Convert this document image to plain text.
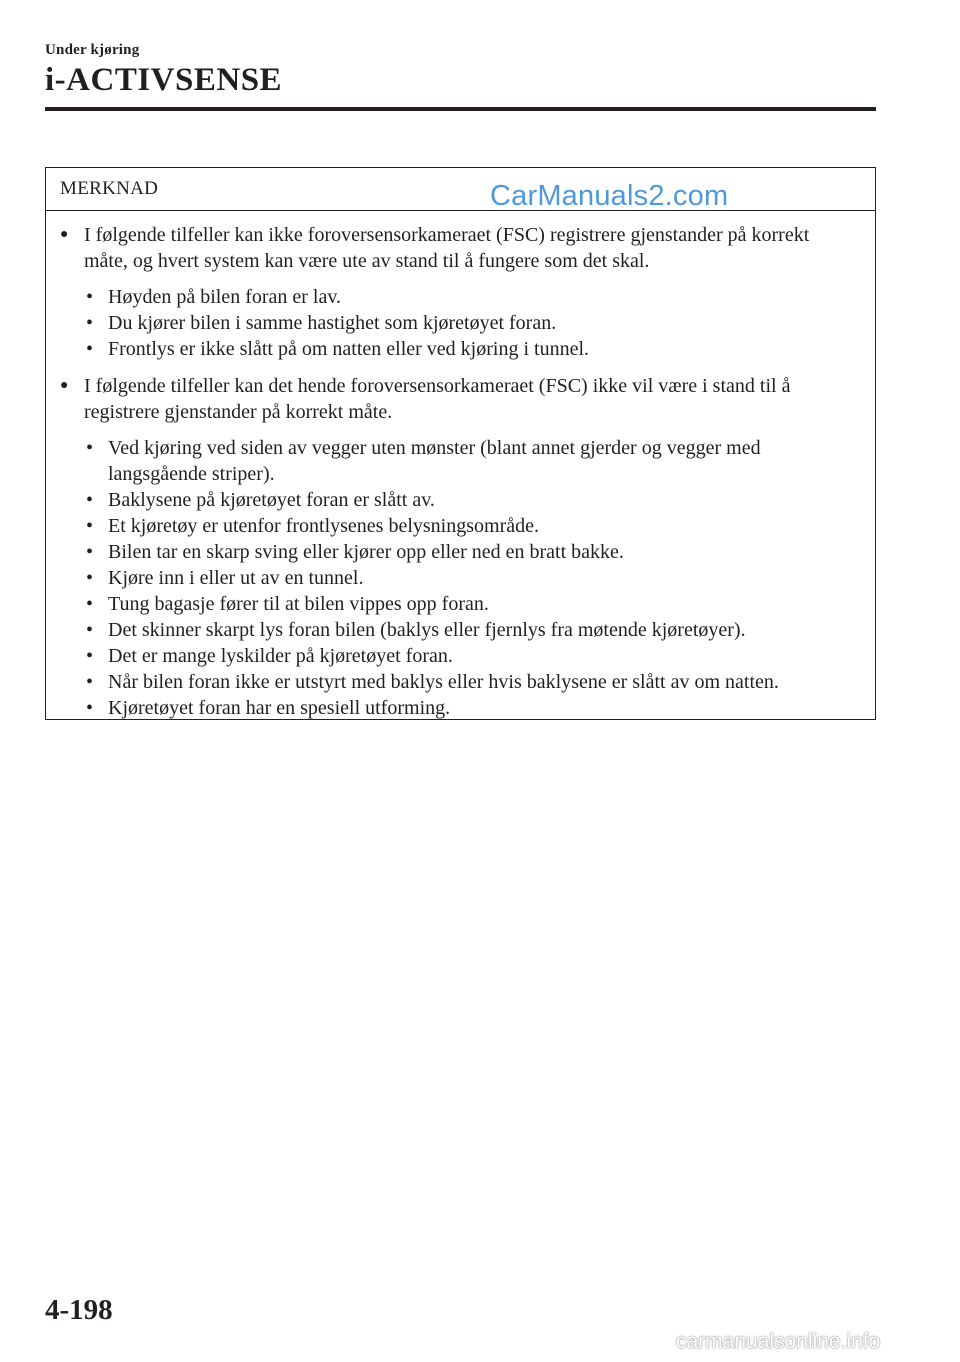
Under kjøring
i-ACTIVSENSE
MERKNAD	CarManuals2.com

● I følgende tilfeller kan ikke foroversensorkameraet (FSC) registrere gjenstander på korrekt måte, og hvert system kan være ute av stand til å fungere som det skal.
• Høyden på bilen foran er lav.
• Du kjører bilen i samme hastighet som kjøretøyet foran.
• Frontlys er ikke slått på om natten eller ved kjøring i tunnel.
● I følgende tilfeller kan det hende foroversensorkameraet (FSC) ikke vil være i stand til å registrere gjenstander på korrekt måte.
• Ved kjøring ved siden av vegger uten mønster (blant annet gjerder og vegger med langsgående striper).
• Baklysene på kjøretøyet foran er slått av.
• Et kjøretøy er utenfor frontlysenes belysningsområde.
• Bilen tar en skarp sving eller kjører opp eller ned en bratt bakke.
• Kjøre inn i eller ut av en tunnel.
• Tung bagasje fører til at bilen vippes opp foran.
• Det skinner skarpt lys foran bilen (baklys eller fjernlys fra møtende kjøretøyer).
• Det er mange lyskilder på kjøretøyet foran.
• Når bilen foran ikke er utstyrt med baklys eller hvis baklysene er slått av om natten.
• Kjøretøyet foran har en spesiell utforming.
4-198
carmanualsonline.info
